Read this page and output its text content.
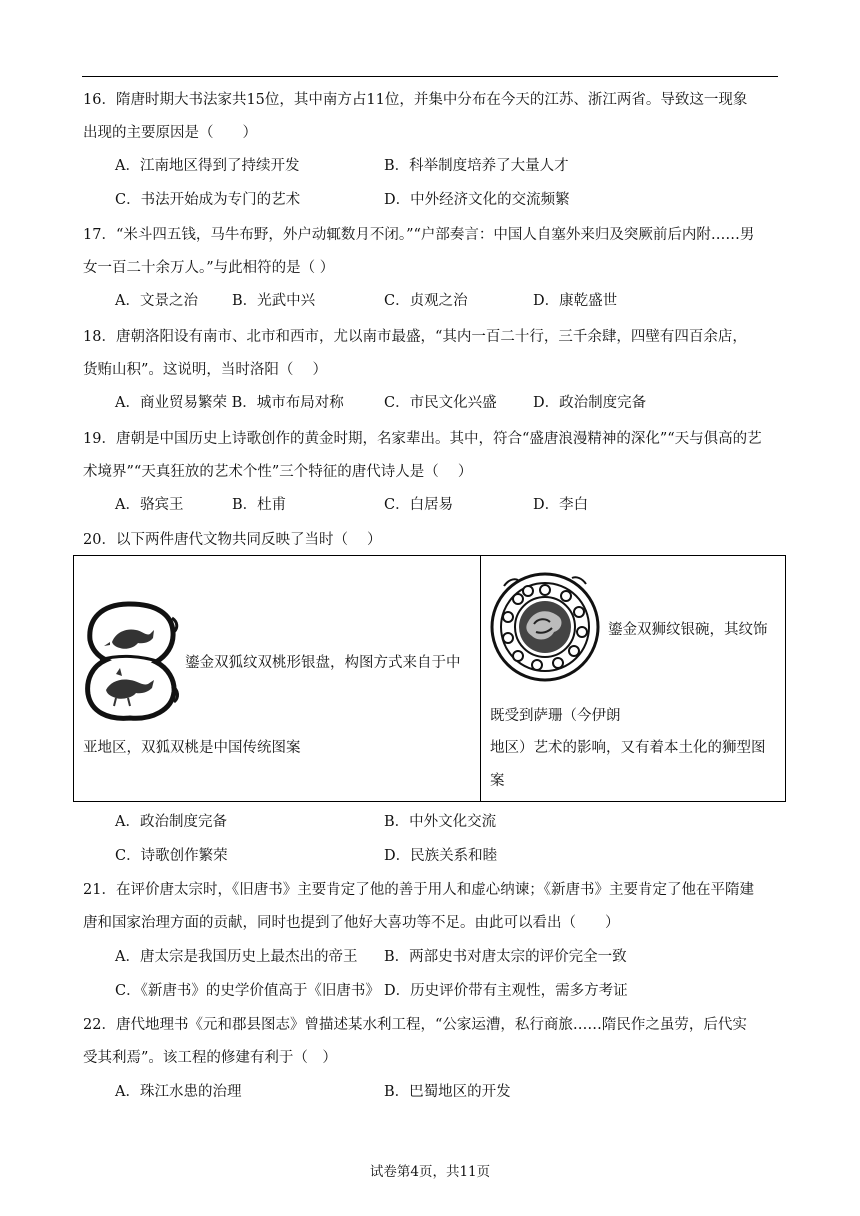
16．隋唐时期大书法家共15位，其中南方占11位，并集中分布在今天的江苏、浙江两省。导致这一现象
出现的主要原因是（　　）
A．江南地区得到了持续开发	B．科举制度培养了大量人才
C．书法开始成为专门的艺术	D．中外经济文化的交流频繁
17．“米斗四五钱，马牛布野，外户动辄数月不闭。”“户部奏言：中国人自塞外来归及突厥前后内附……男
女一百二十余万人。”与此相符的是（ ）
A．文景之治 B．光武中兴	C．贞观之治	D．康乾盛世
18．唐朝洛阳设有南市、北市和西市，尤以南市最盛，“其内一百二十行，三千余肆，四壁有四百余店，
货贿山积”。这说明，当时洛阳（　 ）
A．商业贸易繁荣 B．城市布局对称	C．市民文化兴盛	D．政治制度完备
19．唐朝是中国历史上诗歌创作的黄金时期，名家辈出。其中，符合“盛唐浪漫精神的深化”“天与俱高的艺
术境界”“天真狂放的艺术个性”三个特征的唐代诗人是（　 ）
A．骆宾王	B．杜甫	C．白居易	D．李白
20．以下两件唐代文物共同反映了当时（　 ）
鎏金双狐纹双桃形银盘，构图方式来自于中
亚地区，双狐双桃是中国传统图案
鎏金双狮纹银碗，其纹饰
既受到萨珊（今伊朗
地区）艺术的影响，又有着本土化的狮型图
案
A．政治制度完备	B．中外文化交流
C．诗歌创作繁荣	D．民族关系和睦
21．在评价唐太宗时，《旧唐书》主要肯定了他的善于用人和虚心纳谏；《新唐书》主要肯定了他在平隋建
唐和国家治理方面的贡献，同时也提到了他好大喜功等不足。由此可以看出（　　）
A．唐太宗是我国历史上最杰出的帝王 B．两部史书对唐太宗的评价完全一致
C．《新唐书》的史学价值高于《旧唐书》 D．历史评价带有主观性，需多方考证
22．唐代地理书《元和郡县图志》曾描述某水利工程，“公家运漕，私行商旅……隋民作之虽劳，后代实
受其利焉”。该工程的修建有利于（　）
A．珠江水患的治理	B．巴蜀地区的开发
试卷第4页，共11页
